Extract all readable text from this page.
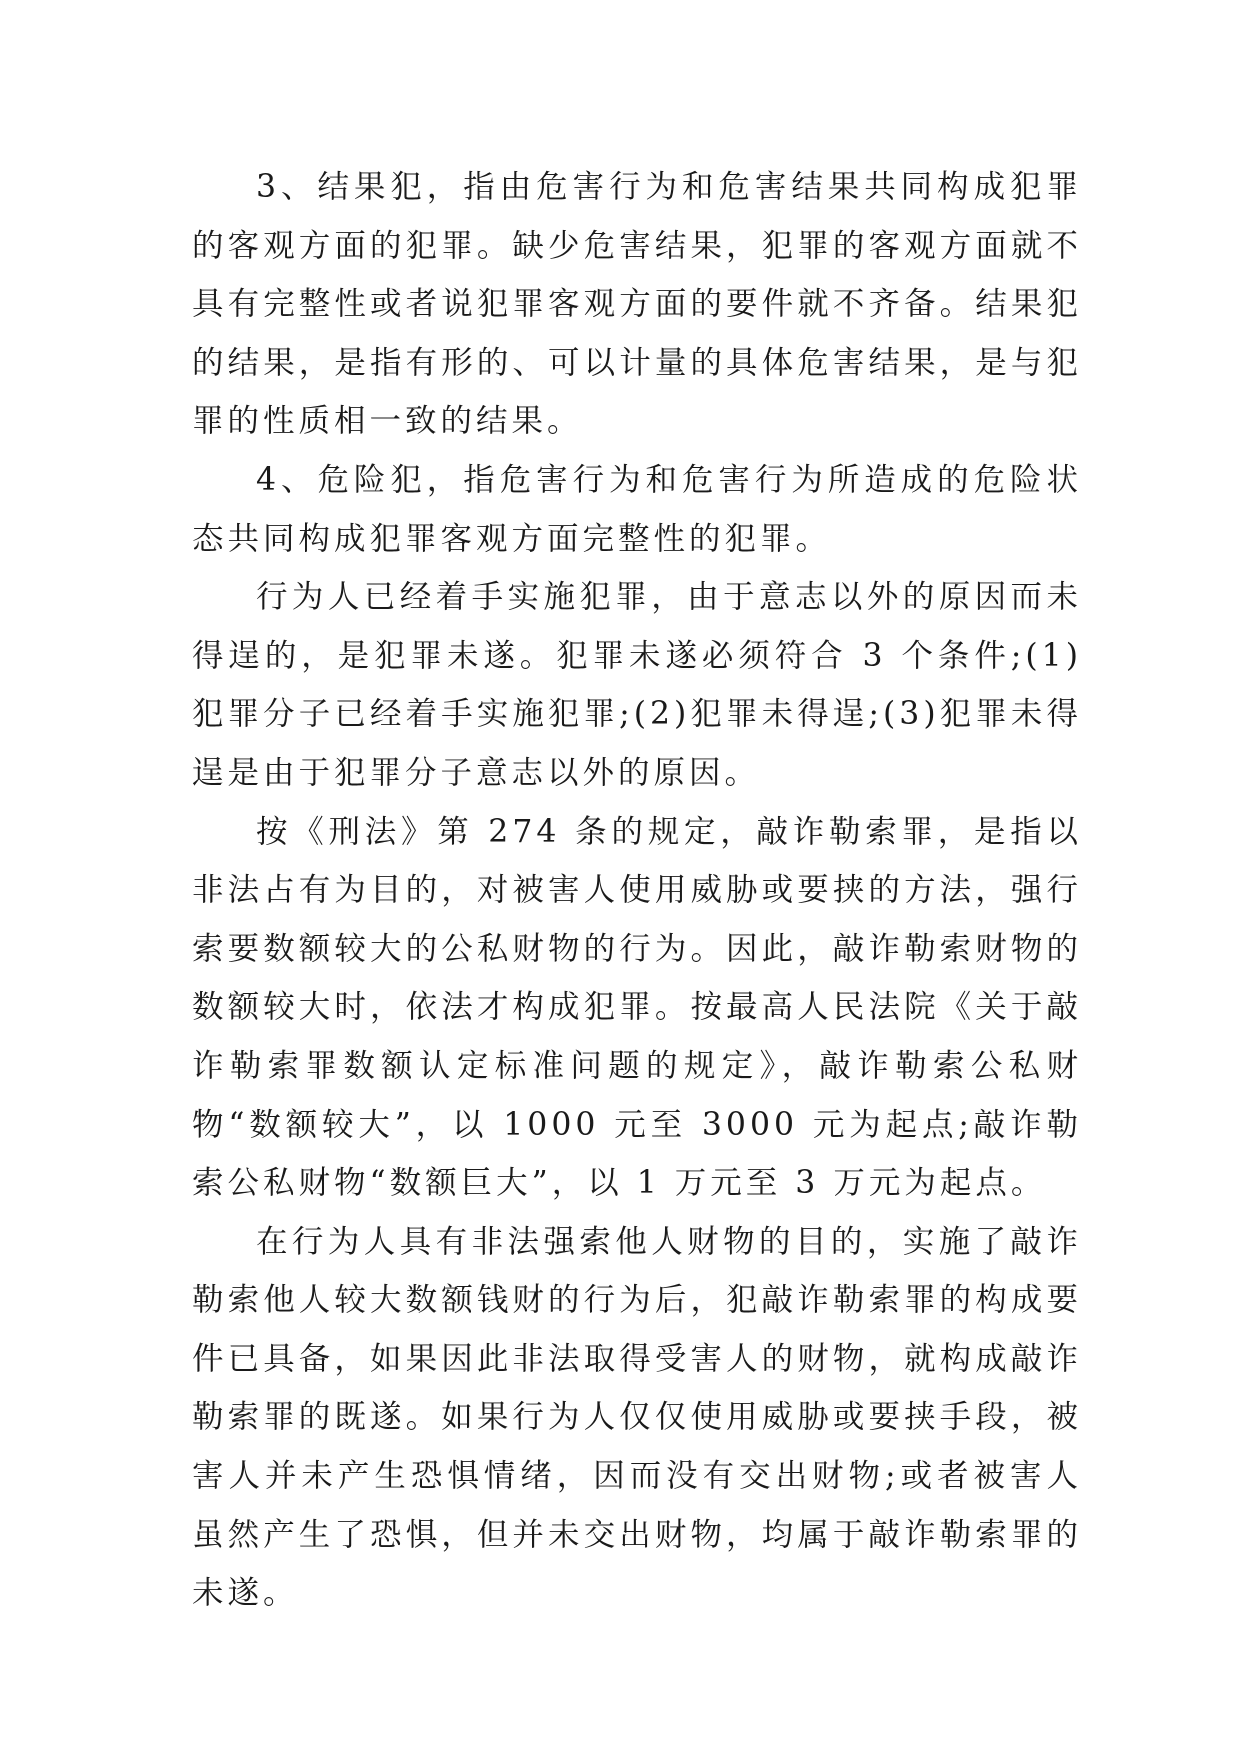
3、结果犯，指由危害行为和危害结果共同构成犯罪的客观方面的犯罪。缺少危害结果，犯罪的客观方面就不具有完整性或者说犯罪客观方面的要件就不齐备。结果犯的结果，是指有形的、可以计量的具体危害结果，是与犯罪的性质相一致的结果。

4、危险犯，指危害行为和危害行为所造成的危险状态共同构成犯罪客观方面完整性的犯罪。

行为人已经着手实施犯罪，由于意志以外的原因而未得逞的，是犯罪未遂。犯罪未遂必须符合 3 个条件;(1)犯罪分子已经着手实施犯罪;(2)犯罪未得逞;(3)犯罪未得逞是由于犯罪分子意志以外的原因。

按《刑法》第 274 条的规定，敲诈勒索罪，是指以非法占有为目的，对被害人使用威胁或要挟的方法，强行索要数额较大的公私财物的行为。因此，敲诈勒索财物的数额较大时，依法才构成犯罪。按最高人民法院《关于敲诈勒索罪数额认定标准问题的规定》，敲诈勒索公私财物“数额较大”，以 1000 元至 3000 元为起点;敲诈勒索公私财物“数额巨大”，以 1 万元至 3 万元为起点。

在行为人具有非法强索他人财物的目的，实施了敲诈勒索他人较大数额钱财的行为后，犯敲诈勒索罪的构成要件已具备，如果因此非法取得受害人的财物，就构成敲诈勒索罪的既遂。如果行为人仅仅使用威胁或要挟手段，被害人并未产生恐惧情绪，因而没有交出财物;或者被害人虽然产生了恐惧，但并未交出财物，均属于敲诈勒索罪的未遂。
